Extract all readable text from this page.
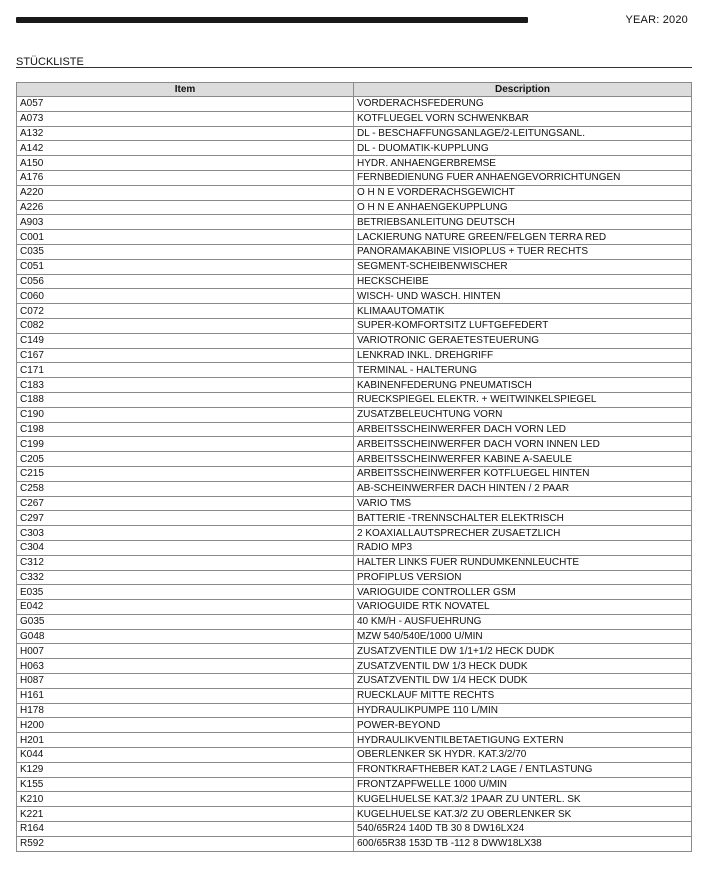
YEAR: 2020
STÜCKLISTE
Item	Description
A057	VORDERACHSFEDERUNG
A073	KOTFLUEGEL VORN SCHWENKBAR
A132	DL - BESCHAFFUNGSANLAGE/2-LEITUNGSANL.
A142	DL - DUOMATIK-KUPPLUNG
A150	HYDR. ANHAENGERBREMSE
A176	FERNBEDIENUNG FUER ANHAENGEVORRICHTUNGEN
A220	O H N E VORDERACHSGEWICHT
A226	O H N E ANHAENGEKUPPLUNG
A903	BETRIEBSANLEITUNG DEUTSCH
C001	LACKIERUNG NATURE GREEN/FELGEN TERRA RED
C035	PANORAMAKABINE VISIOPLUS + TUER RECHTS
C051	SEGMENT-SCHEIBENWISCHER
C056	HECKSCHEIBE
C060	WISCH- UND WASCH. HINTEN
C072	KLIMAAUTOMATIK
C082	SUPER-KOMFORTSITZ LUFTGEFEDERT
C149	VARIOTRONIC GERAETESTEUERUNG
C167	LENKRAD INKL. DREHGRIFF
C171	TERMINAL - HALTERUNG
C183	KABINENFEDERUNG PNEUMATISCH
C188	RUECKSPIEGEL ELEKTR. + WEITWINKELSPIEGEL
C190	ZUSATZBELEUCHTUNG VORN
C198	ARBEITSSCHEINWERFER DACH VORN LED
C199	ARBEITSSCHEINWERFER DACH VORN INNEN LED
C205	ARBEITSSCHEINWERFER KABINE A-SAEULE
C215	ARBEITSSCHEINWERFER KOTFLUEGEL HINTEN
C258	AB-SCHEINWERFER DACH HINTEN / 2 PAAR
C267	VARIO TMS
C297	BATTERIE -TRENNSCHALTER ELEKTRISCH
C303	2 KOAXIALLAUTSPRECHER ZUSAETZLICH
C304	RADIO MP3
C312	HALTER LINKS FUER RUNDUMKENNLEUCHTE
C332	PROFIPLUS VERSION
E035	VARIOGUIDE CONTROLLER GSM
E042	VARIOGUIDE RTK NOVATEL
G035	40 KM/H - AUSFUEHRUNG
G048	MZW 540/540E/1000 U/MIN
H007	ZUSATZVENTILE DW 1/1+1/2 HECK DUDK
H063	ZUSATZVENTIL DW 1/3 HECK DUDK
H087	ZUSATZVENTIL DW 1/4 HECK DUDK
H161	RUECKLAUF MITTE RECHTS
H178	HYDRAULIKPUMPE 110 L/MIN
H200	POWER-BEYOND
H201	HYDRAULIKVENTILBETAETIGUNG EXTERN
K044	OBERLENKER SK HYDR. KAT.3/2/70
K129	FRONTKRAFTHEBER KAT.2 LAGE / ENTLASTUNG
K155	FRONTZAPFWELLE 1000 U/MIN
K210	KUGELHUELSE KAT.3/2 1PAAR ZU UNTERL. SK
K221	KUGELHUELSE KAT.3/2 ZU OBERLENKER SK
R164	540/65R24 140D TB 30 8 DW16LX24
R592	600/65R38 153D TB -112 8 DWW18LX38
